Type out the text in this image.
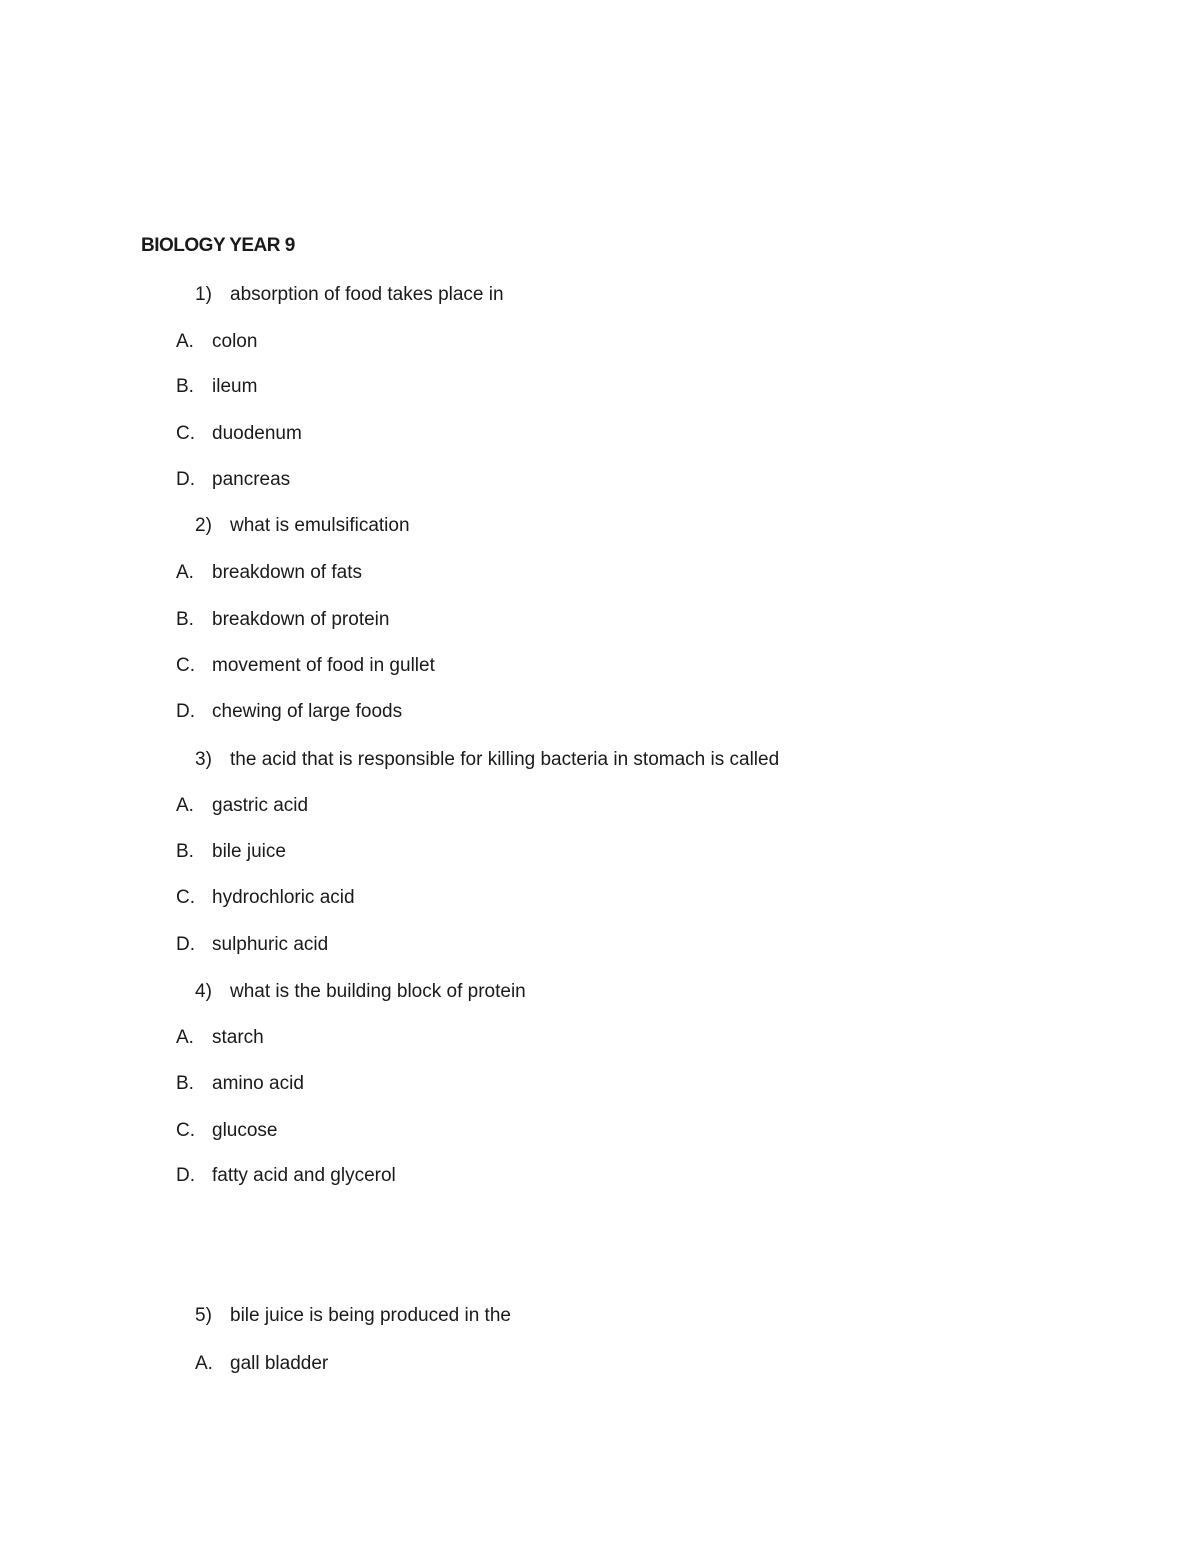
BIOLOGY YEAR 9
1) absorption of food takes place in
A. colon
B. ileum
C. duodenum
D. pancreas
2) what is emulsification
A. breakdown of fats
B. breakdown of protein
C. movement of food in gullet
D. chewing of large foods
3) the acid that is responsible for killing bacteria in stomach is called
A. gastric acid
B. bile juice
C. hydrochloric acid
D. sulphuric acid
4) what is the building block of protein
A. starch
B. amino acid
C. glucose
D. fatty acid and glycerol
5) bile juice is being produced in the
A. gall bladder
